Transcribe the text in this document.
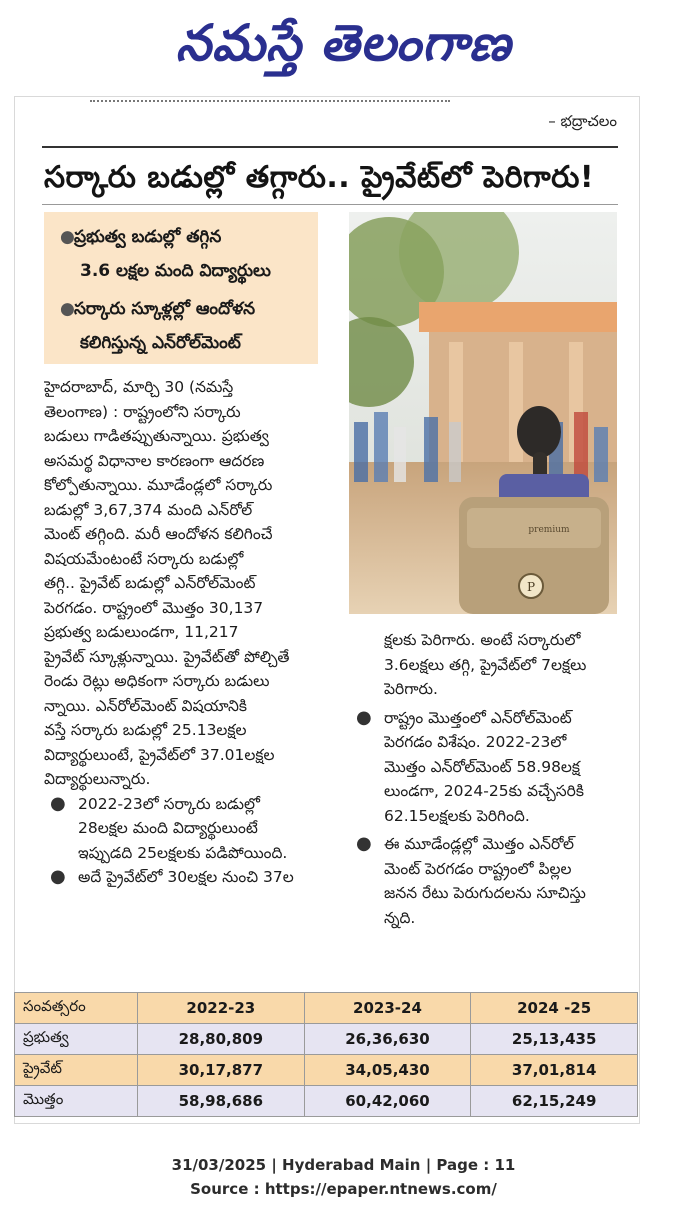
నమస్తే తెలంగాణ
– భద్రాచలం
సర్కారు బడుల్లో తగ్గారు.. ప్రైవేట్‌లో పెరిగారు!
●ప్రభుత్వ బడుల్లో తగ్గిన
3.6 లక్షల మంది విద్యార్థులు
●సర్కారు స్కూళ్లల్లో ఆందోళన
కలిగిస్తున్న ఎన్‌రోల్‌మెంట్
P
premium
హైదరాబాద్, మార్చి 30 (నమస్తే
తెలంగాణ) : రాష్ట్రంలోని సర్కారు
బడులు గాడితప్పుతున్నాయి. ప్రభుత్వ
అసమర్థ విధానాల కారణంగా ఆదరణ
కోల్పోతున్నాయి. మూడేండ్లలో సర్కారు
బడుల్లో 3,67,374 మంది ఎన్‌రోల్
మెంట్ తగ్గింది. మరీ ఆందోళన కలిగించే
విషయమేంటంటే సర్కారు బడుల్లో
తగ్గి.. ప్రైవేట్ బడుల్లో ఎన్‌రోల్‌మెంట్
పెరగడం. రాష్ట్రంలో మొత్తం 30,137
ప్రభుత్వ బడులుండగా, 11,217
ప్రైవేట్ స్కూళ్లున్నాయి. ప్రైవేట్‌తో పోల్చితే
రెండు రెట్లు అధికంగా సర్కారు బడులు
న్నాయి. ఎన్‌రోల్‌మెంట్ విషయానికి
వస్తే సర్కారు బడుల్లో 25.13లక్షల
విద్యార్థులుంటే, ప్రైవేట్‌లో 37.01లక్షల
విద్యార్థులున్నారు.
● 2022-23లో సర్కారు బడుల్లో
28లక్షల మంది విద్యార్థులుంటే
ఇప్పుడది 25లక్షలకు పడిపోయింది.
● అదే ప్రైవేట్‌లో 30లక్షల నుంచి 37ల
క్షలకు పెరిగారు. అంటే సర్కారులో
3.6లక్షలు తగ్గి, ప్రైవేట్‌లో 7లక్షలు
పెరిగారు.
● రాష్ట్రం మొత్తంలో ఎన్‌రోల్‌మెంట్
పెరగడం విశేషం. 2022-23లో
మొత్తం ఎన్‌రోల్‌మెంట్ 58.98లక్ష
లుండగా, 2024-25కు వచ్చేసరికి
62.15లక్షలకు పెరిగింది.
● ఈ మూడేండ్లల్లో మొత్తం ఎన్‌రోల్
మెంట్ పెరగడం రాష్ట్రంలో పిల్లల
జనన రేటు పెరుగుదలను సూచిస్తు
న్నది.
సంవత్సరం	2022-23	2023-24	2024 -25
ప్రభుత్వ	28,80,809	26,36,630	25,13,435
ప్రైవేట్	30,17,877	34,05,430	37,01,814
మొత్తం	58,98,686	60,42,060	62,15,249
31/03/2025 | Hyderabad Main | Page : 11
Source : https://epaper.ntnews.com/
